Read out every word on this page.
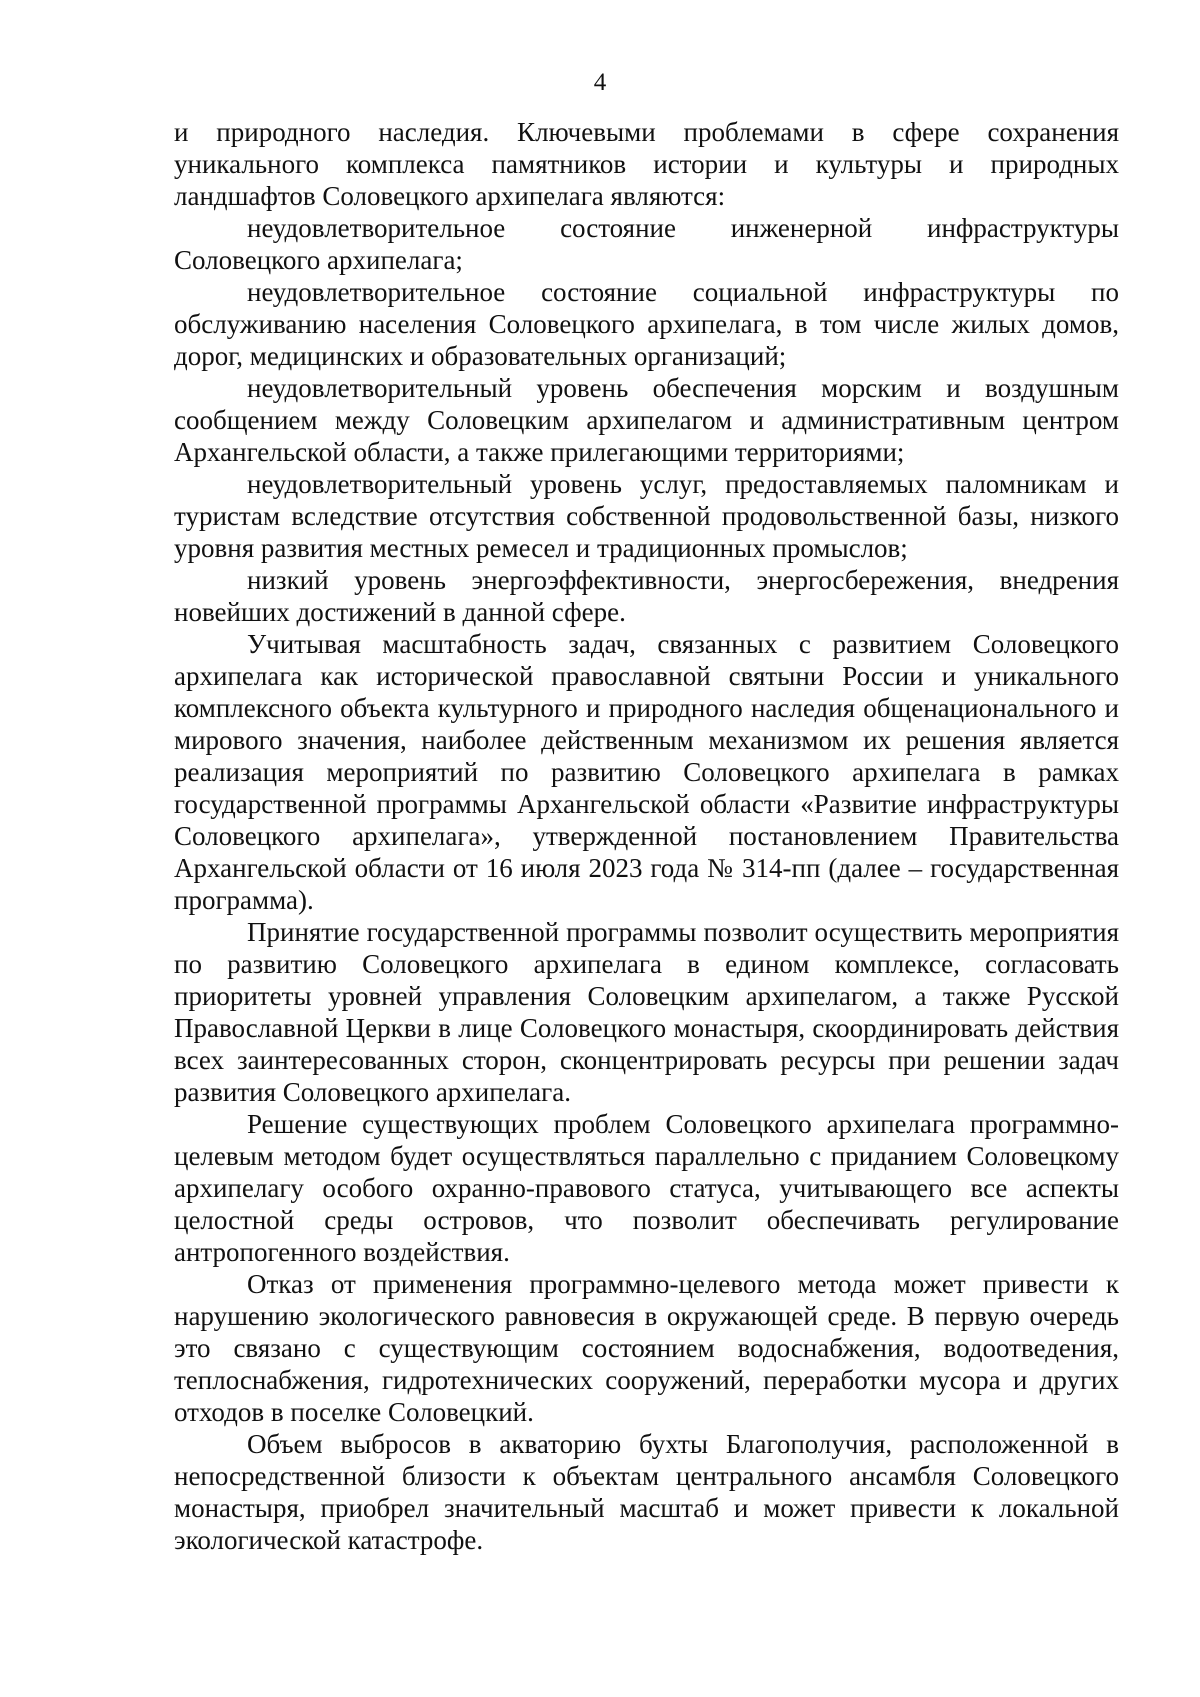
4

и природного наследия. Ключевыми проблемами в сфере сохранения уникального комплекса памятников истории и культуры и природных ландшафтов Соловецкого архипелага являются:

неудовлетворительное состояние инженерной инфраструктуры Соловецкого архипелага;

неудовлетворительное состояние социальной инфраструктуры по обслуживанию населения Соловецкого архипелага, в том числе жилых домов, дорог, медицинских и образовательных организаций;

неудовлетворительный уровень обеспечения морским и воздушным сообщением между Соловецким архипелагом и административным центром Архангельской области, а также прилегающими территориями;

неудовлетворительный уровень услуг, предоставляемых паломникам и туристам вследствие отсутствия собственной продовольственной базы, низкого уровня развития местных ремесел и традиционных промыслов;

низкий уровень энергоэффективности, энергосбережения, внедрения новейших достижений в данной сфере.

Учитывая масштабность задач, связанных с развитием Соловецкого архипелага как исторической православной святыни России и уникального комплексного объекта культурного и природного наследия общенационального и мирового значения, наиболее действенным механизмом их решения является реализация мероприятий по развитию Соловецкого архипелага в рамках государственной программы Архангельской области «Развитие инфраструктуры Соловецкого архипелага», утвержденной постановлением Правительства Архангельской области от 16 июля 2023 года № 314-пп (далее – государственная программа).

Принятие государственной программы позволит осуществить мероприятия по развитию Соловецкого архипелага в едином комплексе, согласовать приоритеты уровней управления Соловецким архипелагом, а также Русской Православной Церкви в лице Соловецкого монастыря, скоординировать действия всех заинтересованных сторон, сконцентрировать ресурсы при решении задач развития Соловецкого архипелага.

Решение существующих проблем Соловецкого архипелага программно-целевым методом будет осуществляться параллельно с приданием Соловецкому архипелагу особого охранно-правового статуса, учитывающего все аспекты целостной среды островов, что позволит обеспечивать регулирование антропогенного воздействия.

Отказ от применения программно-целевого метода может привести к нарушению экологического равновесия в окружающей среде. В первую очередь это связано с существующим состоянием водоснабжения, водоотведения, теплоснабжения, гидротехнических сооружений, переработки мусора и других отходов в поселке Соловецкий.

Объем выбросов в акваторию бухты Благополучия, расположенной в непосредственной близости к объектам центрального ансамбля Соловецкого монастыря, приобрел значительный масштаб и может привести к локальной экологической катастрофе.
